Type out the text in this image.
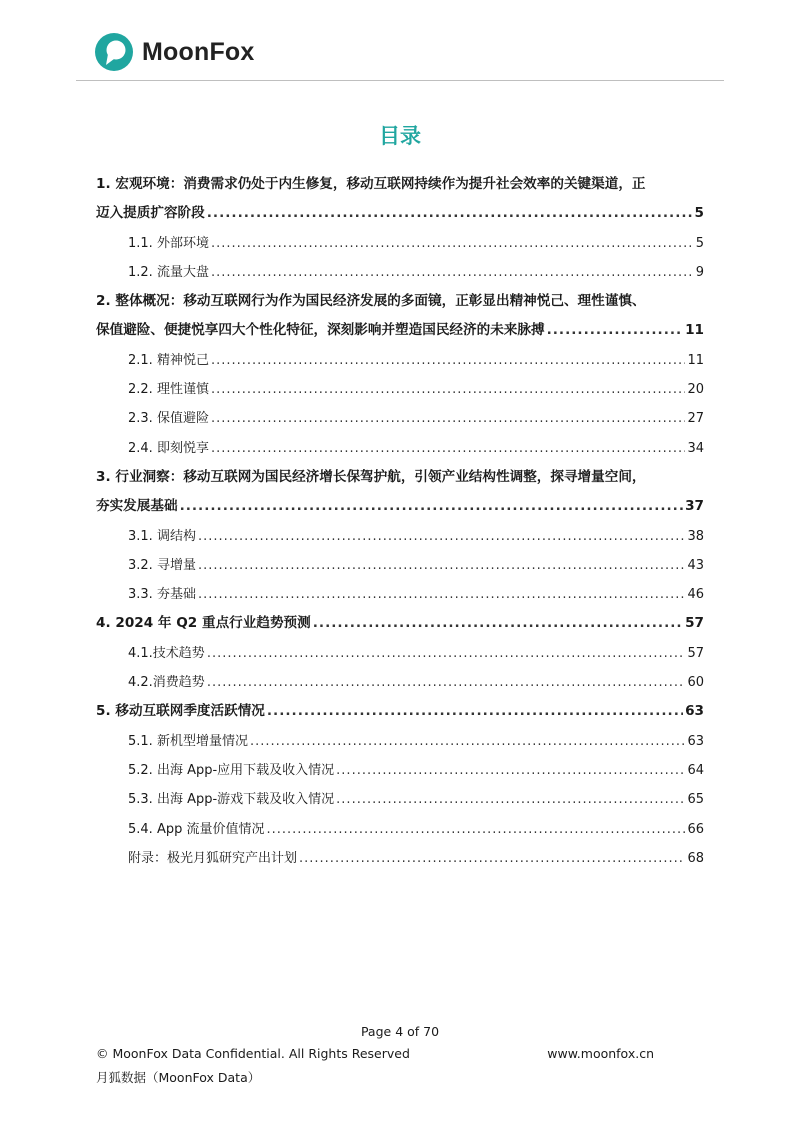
MoonFox
目录
1. 宏观环境：消费需求仍处于内生修复，移动互联网持续作为提升社会效率的关键渠道，正
迈入提质扩容阶段 .....	5
1.1. 外部环境 .....	5
1.2. 流量大盘 .....	9
2. 整体概况：移动互联网行为作为国民经济发展的多面镜，正彰显出精神悦己、理性谨慎、
保值避险、便捷悦享四大个性化特征，深刻影响并塑造国民经济的未来脉搏 .....	11
2.1. 精神悦己 .....	11
2.2. 理性谨慎 .....	20
2.3. 保值避险 .....	27
2.4. 即刻悦享 .....	34
3. 行业洞察：移动互联网为国民经济增长保驾护航，引领产业结构性调整，探寻增量空间，
夯实发展基础 .....	37
3.1. 调结构 .....	38
3.2. 寻增量 .....	43
3.3. 夯基础 .....	46
4. 2024 年 Q2 重点行业趋势预测 .....	57
4.1.技术趋势 .....	57
4.2.消费趋势 .....	60
5. 移动互联网季度活跃情况 .....	63
5.1. 新机型增量情况 .....	63
5.2. 出海 App-应用下载及收入情况 .....	64
5.3. 出海 App-游戏下载及收入情况 .....	65
5.4. App 流量价值情况 .....	66
附录：极光月狐研究产出计划 .....	68
Page 4 of 70
© MoonFox Data Confidential. All Rights Reserved	www.moonfox.cn
月狐数据（MoonFox Data）
